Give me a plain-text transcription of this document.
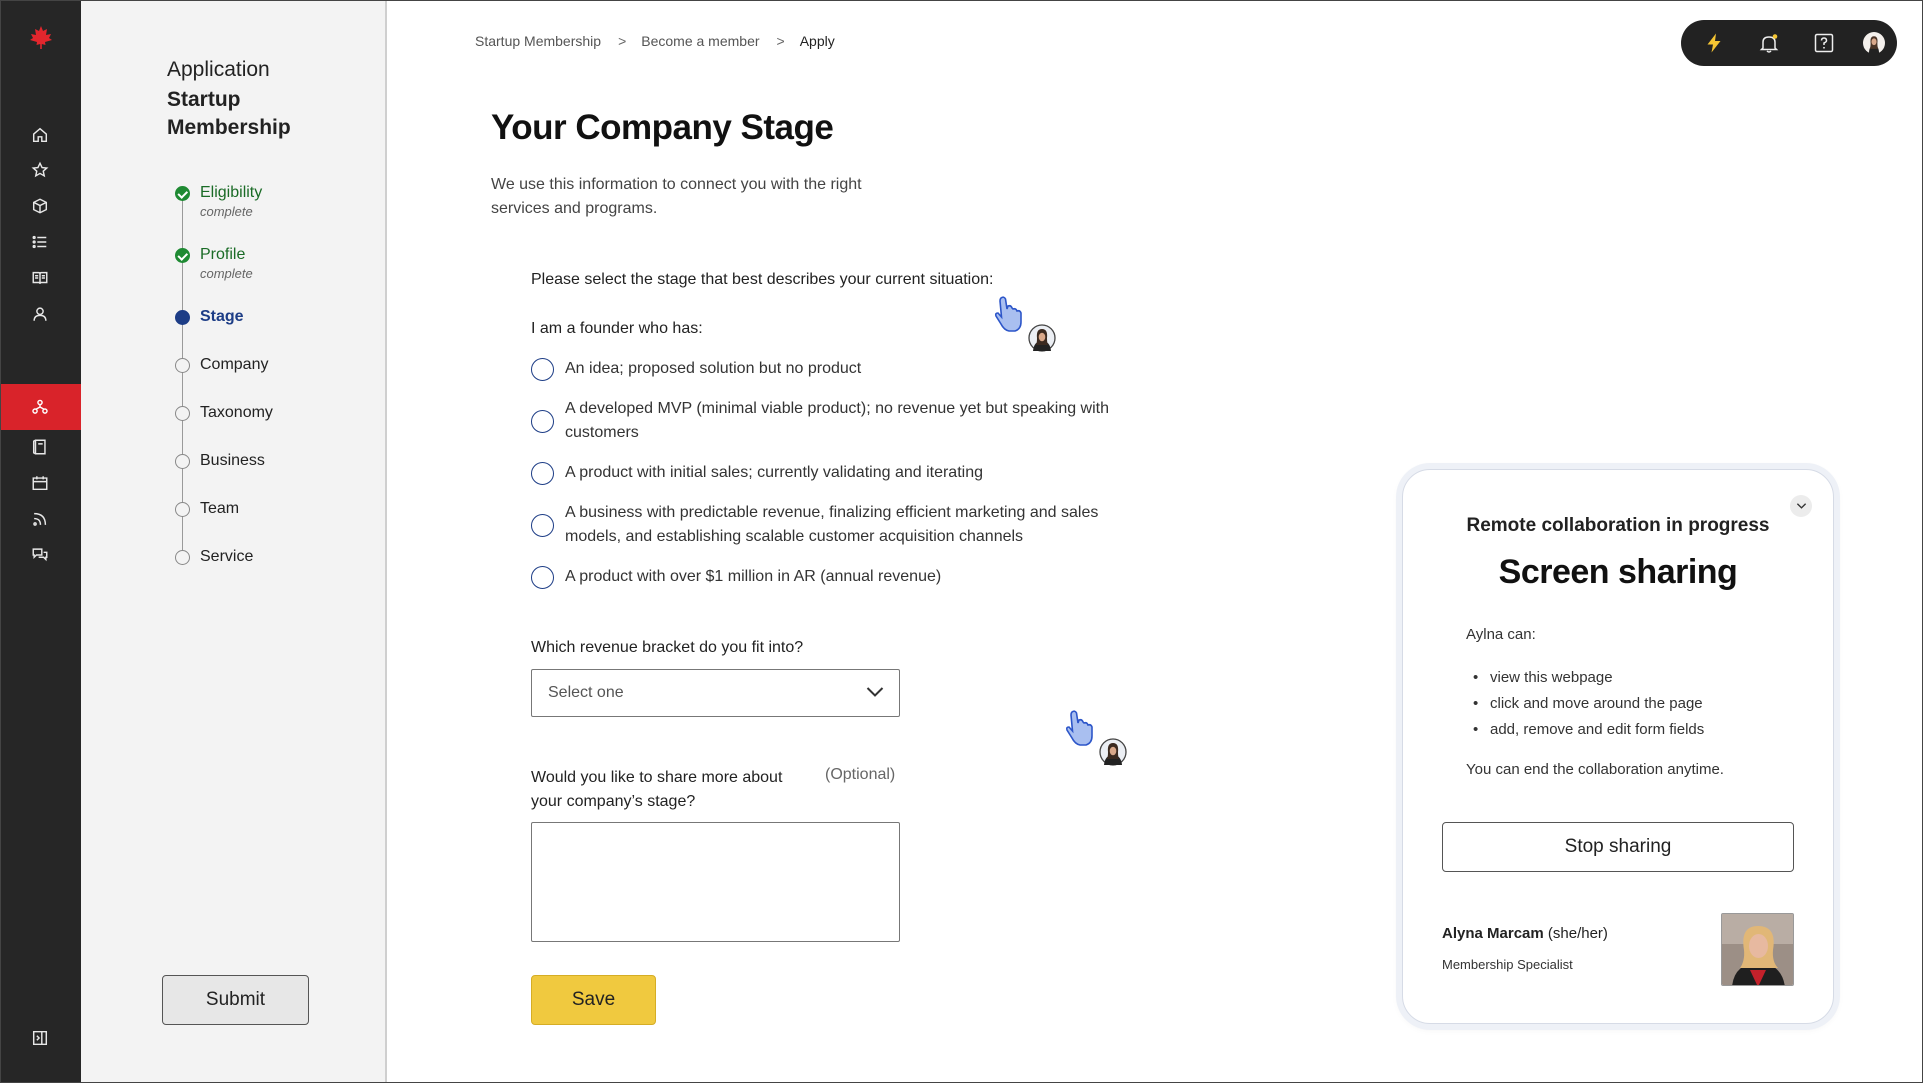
Application
Startup Membership
Eligibility
complete
Profile
complete
Stage
Company
Taxonomy
Business
Team
Service
Submit
Startup Membership > Become a member > Apply
Your Company Stage
We use this information to connect you with the right services and programs.
Please select the stage that best describes your current situation:
I am a founder who has:
An idea; proposed solution but no product
A developed MVP (minimal viable product); no revenue yet but speaking with customers
A product with initial sales; currently validating and iterating
A business with predictable revenue, finalizing efficient marketing and sales models, and establishing scalable customer acquisition channels
A product with over $1 million in AR (annual revenue)
Which revenue bracket do you fit into?
Select one
Would you like to share more about your company’s stage?
(Optional)
Save
Remote collaboration in progress
Screen sharing
Aylna can:
• view this webpage
• click and move around the page
• add, remove and edit form fields
You can end the collaboration anytime.
Stop sharing
Alyna Marcam (she/her)
Membership Specialist
